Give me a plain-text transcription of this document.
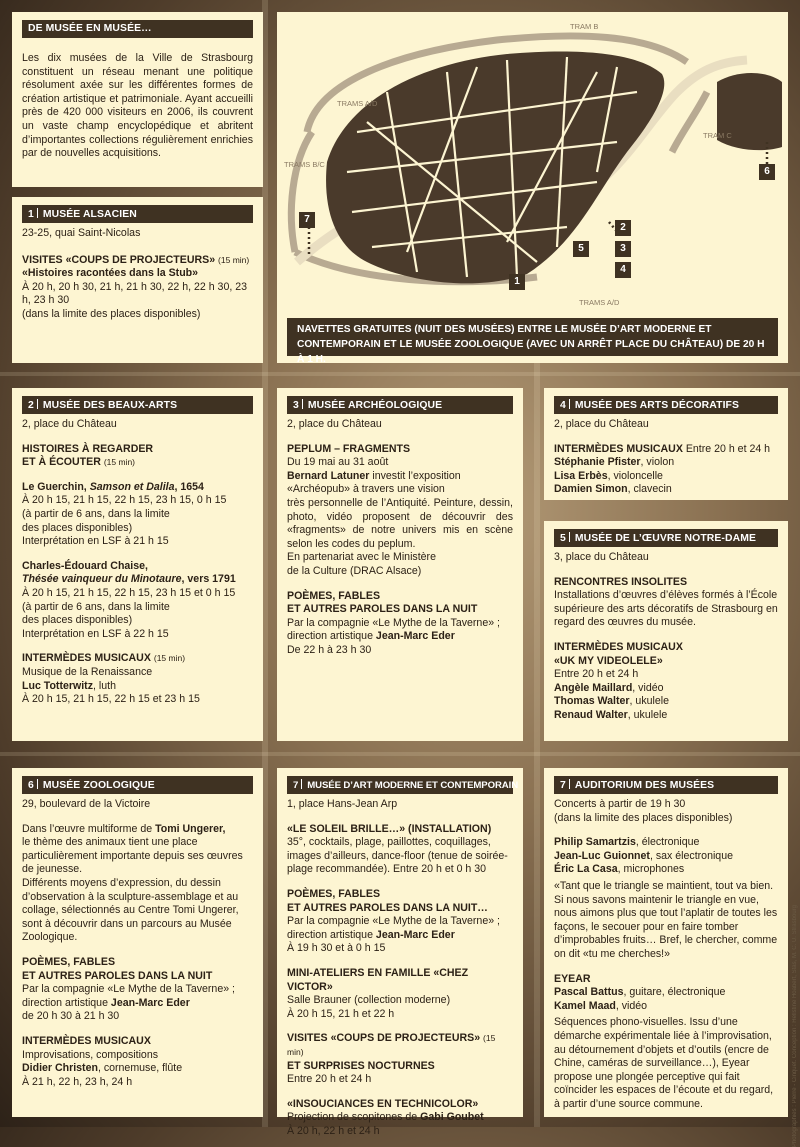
DE MUSÉE EN MUSÉE…

Les dix musées de la Ville de Strasbourg constituent un réseau menant une politique résolument axée sur les différentes formes de création artistique et patrimoniale. Ayant accueilli près de 420 000 visiteurs en 2006, ils couvrent un vaste champ encyclopédique et abritent d’importantes collections régulièrement enrichies par de nouvelles acquisitions.

TRAM B
TRAMS A/D
TRAMS B/C
TRAM C
TRAMS A/D
1
2
3
4
5
6
7
NAVETTES GRATUITES (NUIT DES MUSÉES) ENTRE LE MUSÉE D’ART MODERNE ET CONTEMPORAIN ET LE MUSÉE ZOOLOGIQUE (AVEC UN ARRÊT PLACE DU CHÂTEAU) DE 20 H À 1 H.
1 MUSÉE ALSACIEN

23-25, quai Saint-Nicolas

VISITES «COUPS DE PROJECTEURS» (15 min)

«Histoires racontées dans la Stub»

À 20 h, 20 h 30, 21 h, 21 h 30, 22 h, 22 h 30, 23 h, 23 h 30

(dans la limite des places disponibles)

2 MUSÉE DES BEAUX-ARTS

2, place du Château

HISTOIRES À REGARDER

ET À ÉCOUTER (15 min)

Le Guerchin, Samson et Dalila, 1654

À 20 h 15, 21 h 15, 22 h 15, 23 h 15, 0 h 15

(à partir de 6 ans, dans la limite

des places disponibles)

Interprétation en LSF à 21 h 15

Charles-Édouard Chaise,

Thésée vainqueur du Minotaure, vers 1791

À 20 h 15, 21 h 15, 22 h 15, 23 h 15 et 0 h 15

(à partir de 6 ans, dans la limite

des places disponibles)

Interprétation en LSF à 22 h 15

INTERMÈDES MUSICAUX (15 min)

Musique de la Renaissance

Luc Totterwitz, luth

À 20 h 15, 21 h 15, 22 h 15 et 23 h 15

3 MUSÉE ARCHÉOLOGIQUE

2, place du Château

PEPLUM – FRAGMENTS

Du 19 mai au 31 août

Bernard Latuner investit l’exposition

«Archéopub» à travers une vision

très personnelle de l’Antiquité. Peinture, dessin, photo, vidéo proposent de découvrir des «fragments» de notre univers mis en scène selon les codes du peplum.

En partenariat avec le Ministère

de la Culture (DRAC Alsace)

POÈMES, FABLES

ET AUTRES PAROLES DANS LA NUIT

Par la compagnie «Le Mythe de la Taverne» ;

direction artistique Jean-Marc Eder

De 22 h à 23 h 30

4 MUSÉE DES ARTS DÉCORATIFS

2, place du Château

INTERMÈDES MUSICAUX Entre 20 h et 24 h

Stéphanie Pfister, violon

Lisa Erbès, violoncelle

Damien Simon, clavecin

5 MUSÉE DE L’ŒUVRE NOTRE-DAME

3, place du Château

RENCONTRES INSOLITES

Installations d’œuvres d’élèves formés à l’École supérieure des arts décoratifs de Strasbourg en regard des œuvres du musée.

INTERMÈDES MUSICAUX

«UK MY VIDEOLELE»

Entre 20 h et 24 h

Angèle Maillard, vidéo

Thomas Walter, ukulele

Renaud Walter, ukulele

6 MUSÉE ZOOLOGIQUE

29, boulevard de la Victoire

Dans l’œuvre multiforme de Tomi Ungerer,

le thème des animaux tient une place particulièrement importante depuis ses œuvres de jeunesse.

Différents moyens d’expression, du dessin d’observation à la sculpture-assemblage et au collage, sélectionnés au Centre Tomi Ungerer, sont à découvrir dans un parcours au Musée Zoologique.

POÈMES, FABLES

ET AUTRES PAROLES DANS LA NUIT

Par la compagnie «Le Mythe de la Taverne» ;

direction artistique Jean-Marc Eder

de 20 h 30 à 21 h 30

INTERMÈDES MUSICAUX

Improvisations, compositions

Didier Christen, cornemuse, flûte

À 21 h, 22 h, 23 h, 24 h

7 MUSÉE D’ART MODERNE ET CONTEMPORAIN

1, place Hans-Jean Arp

«LE SOLEIL BRILLE…» (INSTALLATION)

35°, cocktails, plage, paillottes, coquillages, images d’ailleurs, dance-floor (tenue de soirée-plage recommandée). Entre 20 h et 0 h 30

POÈMES, FABLES

ET AUTRES PAROLES DANS LA NUIT…

Par la compagnie «Le Mythe de la Taverne» ;

direction artistique Jean-Marc Eder

À 19 h 30 et à 0 h 15

MINI-ATELIERS EN FAMILLE «CHEZ VICTOR»

Salle Brauner (collection moderne)

À 20 h 15, 21 h et 22 h

VISITES «COUPS DE PROJECTEURS» (15 min)

ET SURPRISES NOCTURNES

Entre 20 h et 24 h

«INSOUCIANCES EN TECHNICOLOR»

Projection de scopitones de Gabi Goubet

À 20 h, 22 h et 24 h

7 AUDITORIUM DES MUSÉES

Concerts à partir de 19 h 30

(dans la limite des places disponibles)

Philip Samartzis, électronique

Jean-Luc Guionnet, sax électronique

Éric La Casa, microphones

«Tant que le triangle se maintient, tout va bien. Si nous savons maintenir le triangle en vue, nous aimons plus que tout l’aplatir de toutes les façons, le secouer pour en faire tomber d’improbables fruits… Bref, le chercher, comme on dit «tu me cherches!»

EYEAR

Pascal Battus, guitare, électronique

Kamel Maad, vidéo

Séquences phono-visuelles. Issu d’une démarche expérimentale liée à l’improvisation, au détournement d’objets et d’outils (encre de Chine, caméras de surveillance…), Eyear propose une plongée perceptive qui fait coïncider les espaces de l’écoute et du regard, à partir d’une source commune.	Photographies : Pierre - Cinquet. Conception : Hellstine Hoabert, Stas, M. C. U. Strasbourg
